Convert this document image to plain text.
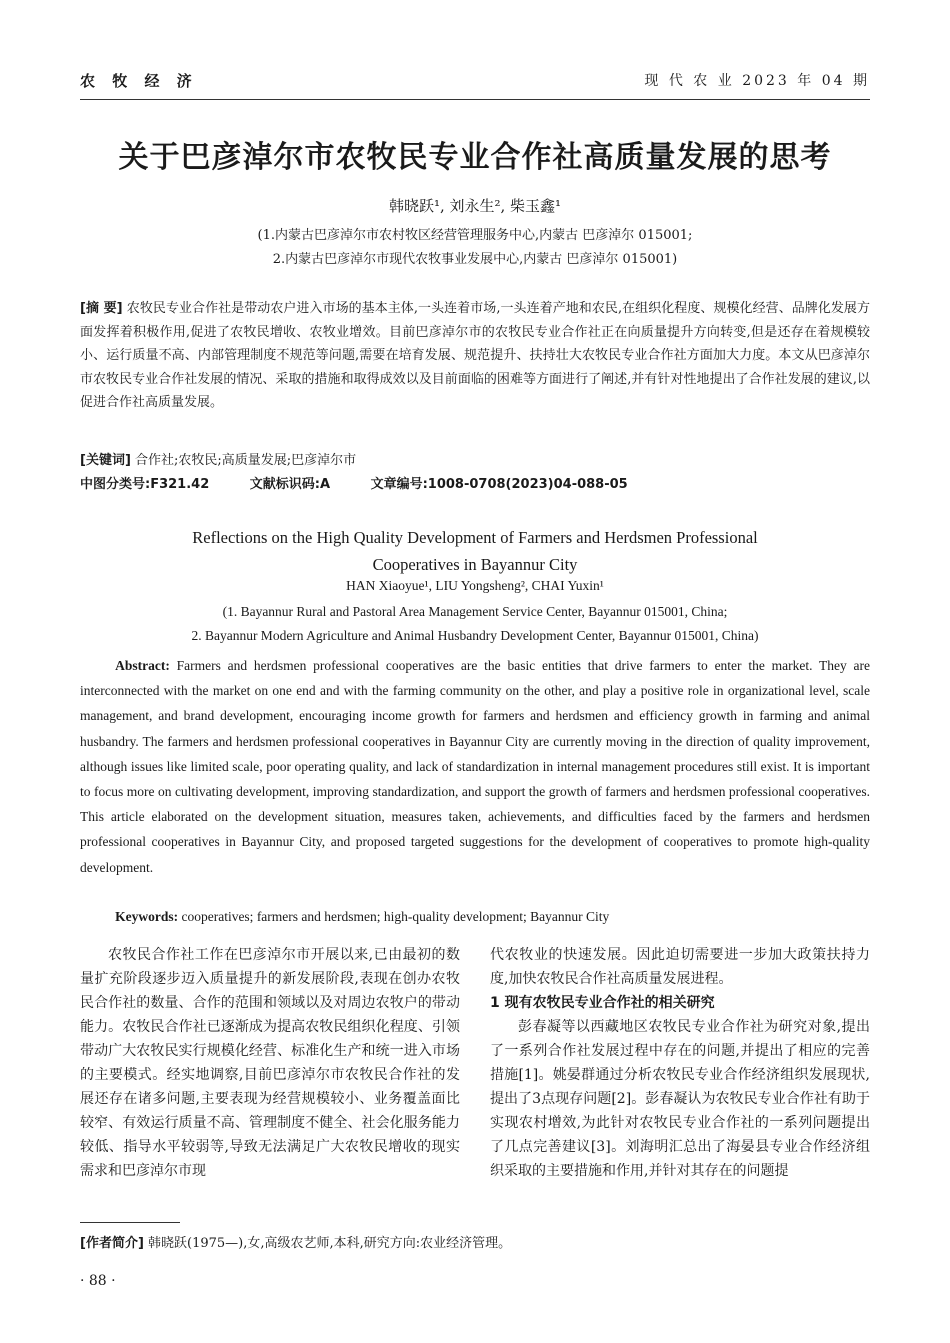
农 牧 经 济	现 代 农 业 2023 年 04 期
关于巴彦淖尔市农牧民专业合作社高质量发展的思考
韩晓跃¹, 刘永生², 柴玉鑫¹
(1.内蒙古巴彦淖尔市农村牧区经营管理服务中心,内蒙古 巴彦淖尔 015001;
2.内蒙古巴彦淖尔市现代农牧事业发展中心,内蒙古 巴彦淖尔 015001)
[摘 要] 农牧民专业合作社是带动农户进入市场的基本主体,一头连着市场,一头连着产地和农民,在组织化程度、规模化经营、品牌化发展方面发挥着积极作用,促进了农牧民增收、农牧业增效。目前巴彦淖尔市的农牧民专业合作社正在向质量提升方向转变,但是还存在着规模较小、运行质量不高、内部管理制度不规范等问题,需要在培育发展、规范提升、扶持壮大农牧民专业合作社方面加大力度。本文从巴彦淖尔市农牧民专业合作社发展的情况、采取的措施和取得成效以及目前面临的困难等方面进行了阐述,并有针对性地提出了合作社发展的建议,以促进合作社高质量发展。
[关键词] 合作社;农牧民;高质量发展;巴彦淖尔市
中图分类号:F321.42	文献标识码:A	文章编号:1008-0708(2023)04-088-05
Reflections on the High Quality Development of Farmers and Herdsmen Professional
Cooperatives in Bayannur City
HAN Xiaoyue¹, LIU Yongsheng², CHAI Yuxin¹
(1. Bayannur Rural and Pastoral Area Management Service Center, Bayannur 015001, China;
2. Bayannur Modern Agriculture and Animal Husbandry Development Center, Bayannur 015001, China)
Abstract: Farmers and herdsmen professional cooperatives are the basic entities that drive farmers to enter the market. They are interconnected with the market on one end and with the farming community on the other, and play a positive role in organizational level, scale management, and brand development, encouraging income growth for farmers and herdsmen and efficiency growth in farming and animal husbandry. The farmers and herdsmen professional cooperatives in Bayannur City are currently moving in the direction of quality improvement, although issues like limited scale, poor operating quality, and lack of standardization in internal management procedures still exist. It is important to focus more on cultivating development, improving standardization, and support the growth of farmers and herdsmen professional cooperatives. This article elaborated on the development situation, measures taken, achievements, and difficulties faced by the farmers and herdsmen professional cooperatives in Bayannur City, and proposed targeted suggestions for the development of cooperatives to promote high-quality development.
Keywords: cooperatives; farmers and herdsmen; high-quality development; Bayannur City

农牧民合作社工作在巴彦淖尔市开展以来,已由最初的数量扩充阶段逐步迈入质量提升的新发展阶段,表现在创办农牧民合作社的数量、合作的范围和领域以及对周边农牧户的带动能力。农牧民合作社已逐渐成为提高农牧民组织化程度、引领带动广大农牧民实行规模化经营、标准化生产和统一进入市场的主要模式。经实地调察,目前巴彦淖尔市农牧民合作社的发展还存在诸多问题,主要表现为经营规模较小、业务覆盖面比较窄、有效运行质量不高、管理制度不健全、社会化服务能力较低、指导水平较弱等,导致无法满足广大农牧民增收的现实需求和巴彦淖尔市现

代农牧业的快速发展。因此迫切需要进一步加大政策扶持力度,加快农牧民合作社高质量发展进程。

1 现有农牧民专业合作社的相关研究

彭春凝等以西藏地区农牧民专业合作社为研究对象,提出了一系列合作社发展过程中存在的问题,并提出了相应的完善措施[1]。姚晏群通过分析农牧民专业合作经济组织发展现状,提出了3点现存问题[2]。彭春凝认为农牧民专业合作社有助于实现农村增效,为此针对农牧民专业合作社的一系列问题提出了几点完善建议[3]。刘海明汇总出了海晏县专业合作经济组织采取的主要措施和作用,并针对其存在的问题提

[作者简介] 韩晓跃(1975—),女,高级农艺师,本科,研究方向:农业经济管理。
· 88 ·
